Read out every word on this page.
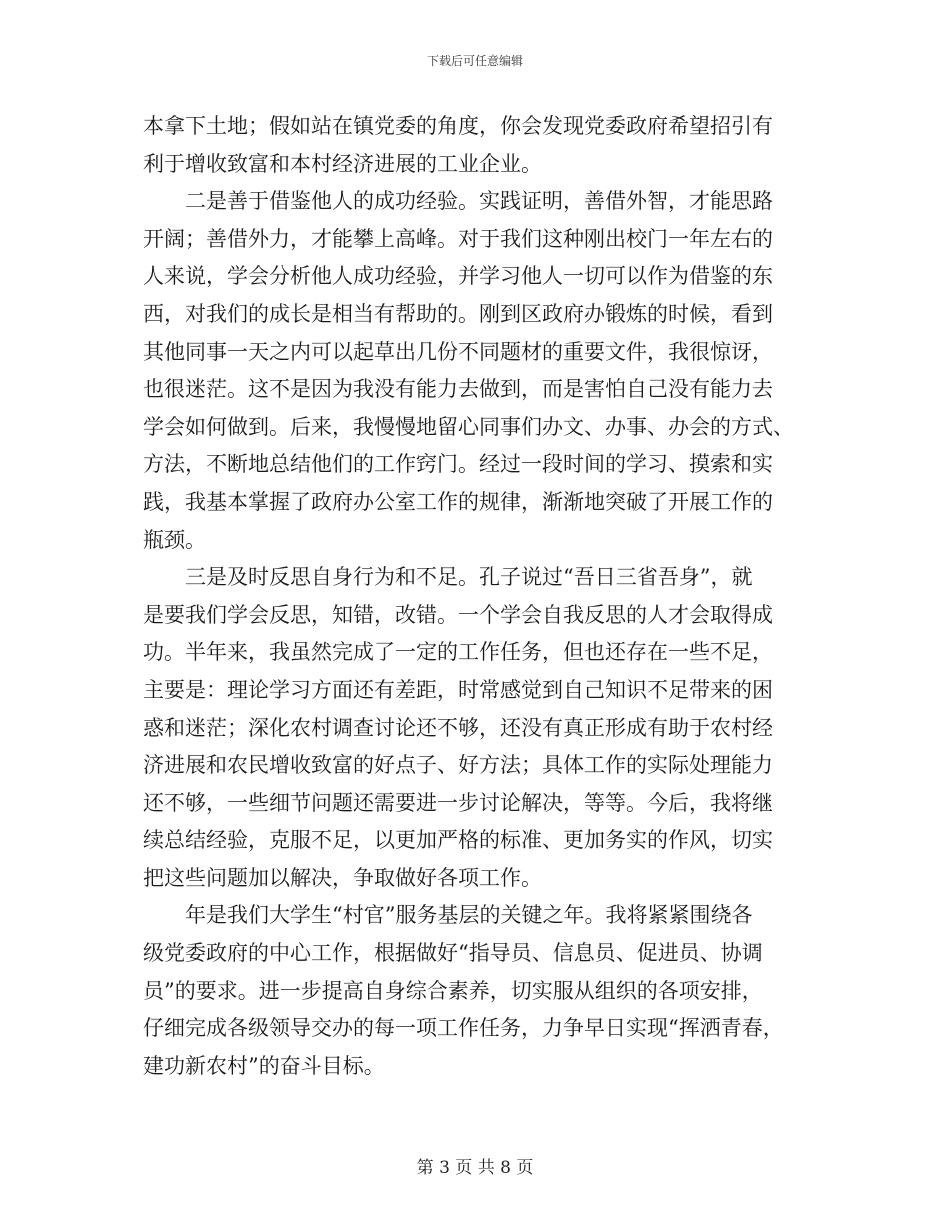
下载后可任意编辑
本拿下土地；假如站在镇党委的角度，你会发现党委政府希望招引有
利于增收致富和本村经济进展的工业企业。
　　二是善于借鉴他人的成功经验。实践证明，善借外智，才能思路
开阔；善借外力，才能攀上高峰。对于我们这种刚出校门一年左右的
人来说，学会分析他人成功经验，并学习他人一切可以作为借鉴的东
西，对我们的成长是相当有帮助的。刚到区政府办锻炼的时候，看到
其他同事一天之内可以起草出几份不同题材的重要文件，我很惊讶，
也很迷茫。这不是因为我没有能力去做到，而是害怕自己没有能力去
学会如何做到。后来，我慢慢地留心同事们办文、办事、办会的方式、
方法，不断地总结他们的工作窍门。经过一段时间的学习、摸索和实
践，我基本掌握了政府办公室工作的规律，渐渐地突破了开展工作的
瓶颈。
　　三是及时反思自身行为和不足。孔子说过“吾日三省吾身”，就
是要我们学会反思，知错，改错。一个学会自我反思的人才会取得成
功。半年来，我虽然完成了一定的工作任务，但也还存在一些不足，
主要是：理论学习方面还有差距，时常感觉到自己知识不足带来的困
惑和迷茫；深化农村调查讨论还不够，还没有真正形成有助于农村经
济进展和农民增收致富的好点子、好方法；具体工作的实际处理能力
还不够，一些细节问题还需要进一步讨论解决，等等。今后，我将继
续总结经验，克服不足，以更加严格的标准、更加务实的作风，切实
把这些问题加以解决，争取做好各项工作。
　　年是我们大学生“村官”服务基层的关键之年。我将紧紧围绕各
级党委政府的中心工作，根据做好“指导员、信息员、促进员、协调
员”的要求。进一步提高自身综合素养，切实服从组织的各项安排，
仔细完成各级领导交办的每一项工作任务，力争早日实现“挥洒青春，
建功新农村”的奋斗目标。
第 3 页 共 8 页
